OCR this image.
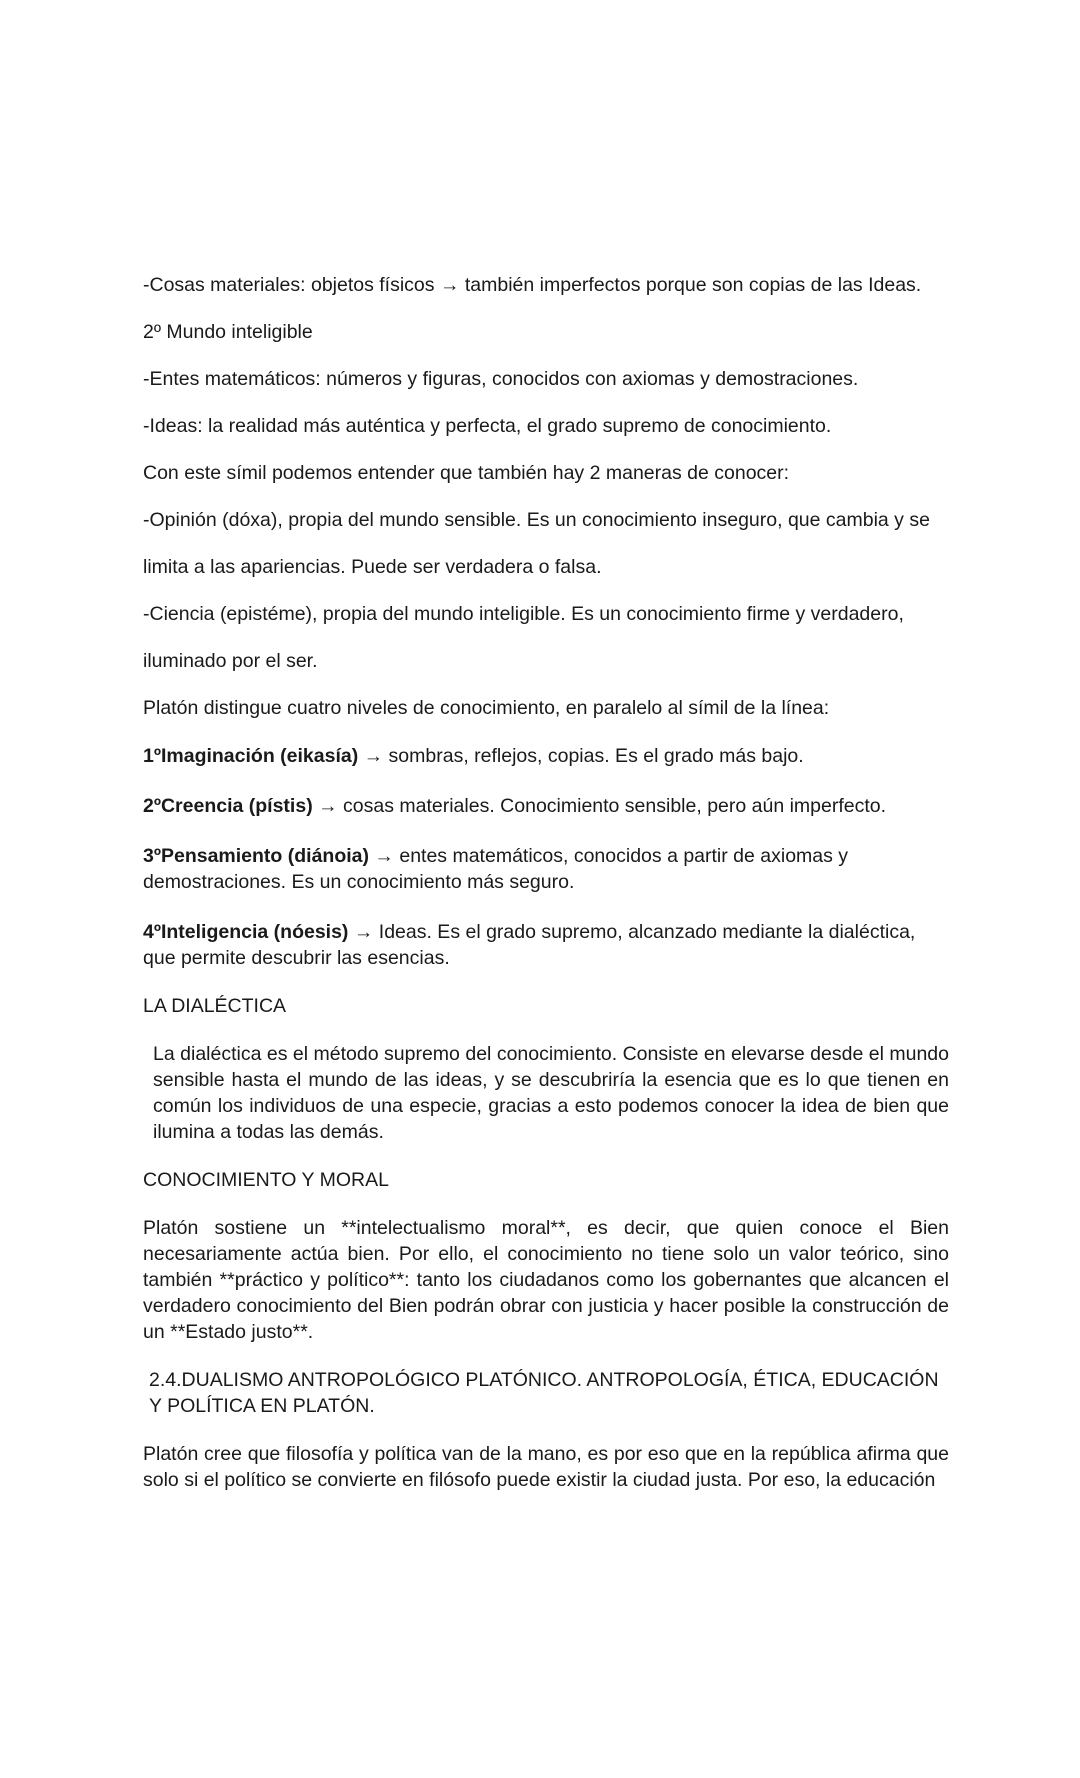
-Cosas materiales: objetos físicos → también imperfectos porque son copias de las Ideas.

2º Mundo inteligible

-Entes matemáticos: números y figuras, conocidos con axiomas y demostraciones.

-Ideas: la realidad más auténtica y perfecta, el grado supremo de conocimiento.

Con este símil podemos entender que también hay 2 maneras de conocer:

-Opinión (dóxa), propia del mundo sensible. Es un conocimiento inseguro, que cambia y se

limita a las apariencias. Puede ser verdadera o falsa.

-Ciencia (epistéme), propia del mundo inteligible. Es un conocimiento firme y verdadero,

iluminado por el ser.

Platón distingue cuatro niveles de conocimiento, en paralelo al símil de la línea:

1ºImaginación (eikasía) → sombras, reflejos, copias. Es el grado más bajo.

2ºCreencia (pístis) → cosas materiales. Conocimiento sensible, pero aún imperfecto.

3ºPensamiento (diánoia) → entes matemáticos, conocidos a partir de axiomas y demostraciones. Es un conocimiento más seguro.

4ºInteligencia (nóesis) → Ideas. Es el grado supremo, alcanzado mediante la dialéctica, que permite descubrir las esencias.

LA DIALÉCTICA

La dialéctica es el método supremo del conocimiento. Consiste en elevarse desde el mundo sensible hasta el mundo de las ideas, y se descubriría la esencia que es lo que tienen en común los individuos de una especie, gracias a esto podemos conocer la idea de bien que ilumina a todas las demás.

CONOCIMIENTO Y MORAL

Platón sostiene un **intelectualismo moral**, es decir, que quien conoce el Bien necesariamente actúa bien. Por ello, el conocimiento no tiene solo un valor teórico, sino también **práctico y político**: tanto los ciudadanos como los gobernantes que alcancen el verdadero conocimiento del Bien podrán obrar con justicia y hacer posible la construcción de un **Estado justo**.

2.4.DUALISMO ANTROPOLÓGICO PLATÓNICO. ANTROPOLOGÍA, ÉTICA, EDUCACIÓN Y POLÍTICA EN PLATÓN.

Platón cree que filosofía y política van de la mano, es por eso que en la república afirma que solo si el político se convierte en filósofo puede existir la ciudad justa. Por eso, la educación
